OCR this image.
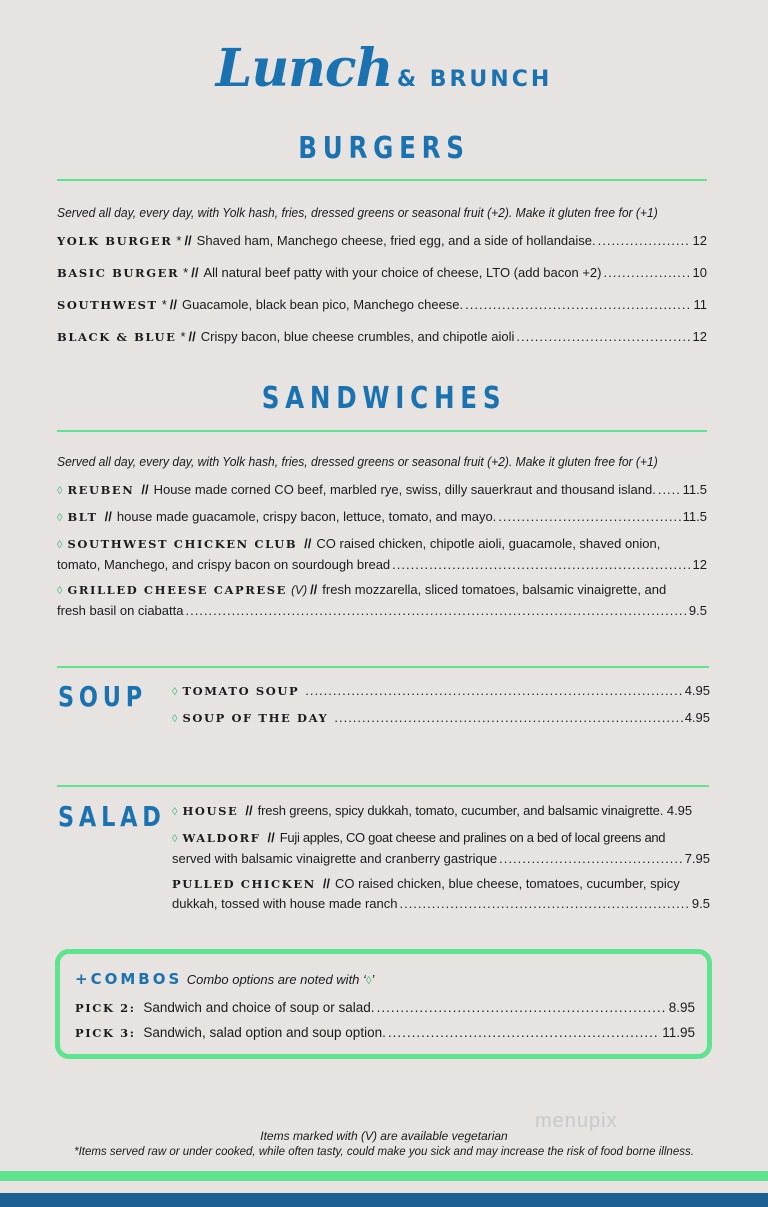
Lunch & BRUNCH
BURGERS
Served all day, every day, with Yolk hash, fries, dressed greens or seasonal fruit (+2). Make it gluten free for (+1)
YOLK BURGER * // Shaved ham, Manchego cheese, fried egg, and a side of hollandaise. .....	12
BASIC BURGER * // All natural beef patty with your choice of cheese, LTO (add bacon +2) .....	10
SOUTHWEST * // Guacamole, black bean pico, Manchego cheese. .....	11
BLACK & BLUE * // Crispy bacon, blue cheese crumbles, and chipotle aioli .....	12
SANDWICHES
Served all day, every day, with Yolk hash, fries, dressed greens or seasonal fruit (+2). Make it gluten free for (+1)
◊ REUBEN // House made corned CO beef, marbled rye, swiss, dilly sauerkraut and thousand island. ..... 11.5
◊ BLT // house made guacamole, crispy bacon, lettuce, tomato, and mayo. .....	11.5
◊ SOUTHWEST CHICKEN CLUB // CO raised chicken, chipotle aioli, guacamole, shaved onion,
tomato, Manchego, and crispy bacon on sourdough bread .....	12
◊ GRILLED CHEESE CAPRESE (V) // fresh mozzarella, sliced tomatoes, balsamic vinaigrette, and
fresh basil on ciabatta .....	9.5
SOUP ◊ TOMATO SOUP .....	4.95
◊ SOUP OF THE DAY .....	4.95
SALAD ◊ HOUSE // fresh greens, spicy dukkah, tomato, cucumber, and balsamic vinaigrette.
4.95
◊ WALDORF // Fuji apples, CO goat cheese and pralines on a bed of local greens and
served with balsamic vinaigrette and cranberry gastrique .....	7.95
PULLED CHICKEN // CO raised chicken, blue cheese, tomatoes, cucumber, spicy
dukkah, tossed with house made ranch .....	9.5
+COMBOS Combo options are noted with ‘◊’
PICK 2:
Sandwich and choice of soup or salad. .....	8.95
PICK 3:
Sandwich, salad option and soup option. .....	11.95
menupix
Items marked with (V) are available vegetarian
*Items served raw or under cooked, while often tasty, could make you sick and may increase the risk of food borne illness.
